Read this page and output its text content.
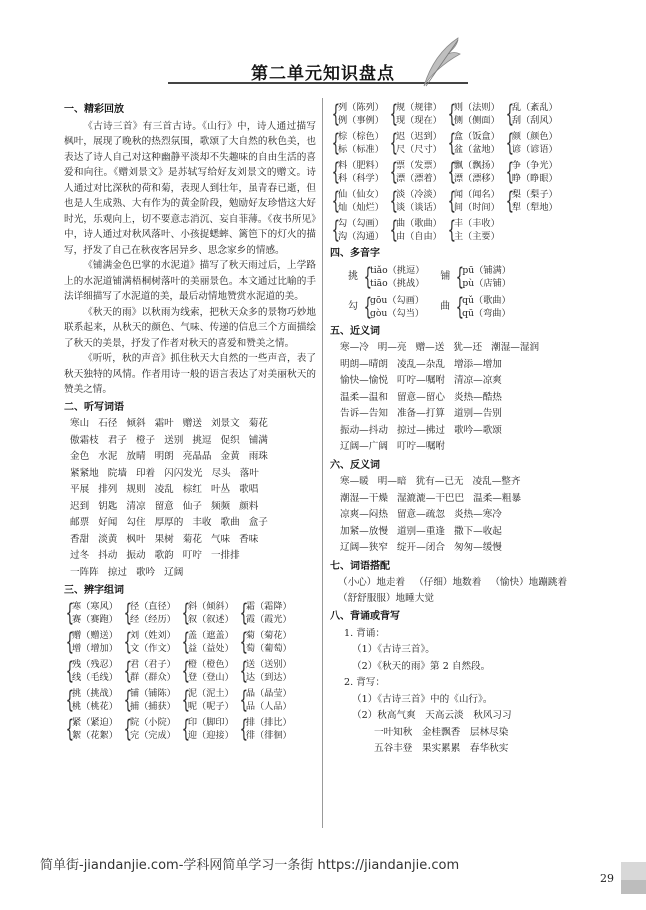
第二单元知识盘点
一、精彩回放

《古诗三首》有三首古诗。《山行》中，诗人通过描写枫叶，展现了晚秋的热烈氛围，歌颂了大自然的秋色美，也表达了诗人自己对这种幽静平淡却不失趣味的自由生活的喜爱和向往。《赠刘景文》是苏轼写给好友刘景文的赠文。诗人通过对比深秋的荷和菊，表现人到壮年，虽青春已逝，但也是人生成熟、大有作为的黄金阶段，勉励好友珍惜这大好时光，乐观向上，切不要意志消沉、妄自菲薄。《夜书所见》中，诗人通过对秋风落叶、小孩捉蟋蟀、篱笆下的灯火的描写，抒发了自己在秋夜客居异乡、思念家乡的情感。

《铺满金色巴掌的水泥道》描写了秋天雨过后，上学路上的水泥道铺满梧桐树落叶的美丽景色。本文通过比喻的手法详细描写了水泥道的美，最后动情地赞赏水泥道的美。

《秋天的雨》以秋雨为线索，把秋天众多的景物巧妙地联系起来，从秋天的颜色、气味、传递的信息三个方面描绘了秋天的美景，抒发了作者对秋天的喜爱和赞美之情。

《听听，秋的声音》抓住秋天大自然的一些声音，表了秋天独特的风情。作者用诗一般的语言表达了对美丽秋天的赞美之情。

二、听写词语
寒山 石径 倾斜 霜叶 赠送 刘景文 菊花
傲霜枝 君子 橙子 送别 挑逗 促织 铺满
金色 水泥 放晴 明朗 亮晶晶 金黄 雨珠
紧紧地 院墙 印着 闪闪发光 尽头 落叶
平展 排列 规则 凌乱 棕红 叶丛 歌唱
迟到 钥匙 清凉 留意 仙子 频频 颜料
邮票 好闻 勾住 厚厚的 丰收 歌曲 盒子
香甜 淡黄 枫叶 果树 菊花 气味 香味
过冬 抖动 振动 歌韵 叮咛 一排排
一阵阵 掠过 歌吟 辽阔
三、辨字组词
{
寒（寒风）
赛（赛跑） {
径（直径）
经（经历） {
斜（倾斜）
叙（叙述） {
霜（霜降）
霞（霞光）
{
赠（赠送）
增（增加） {
刘（姓刘）
文（作文） {
盖（遮盖）
益（益处） {
菊（菊花）
萄（葡萄）
{
残（残忍）
线（毛线） {
君（君子）
群（群众） {
橙（橙色）
登（登山） {
送（送别）
达（到达）
{
挑（挑战）
桃（桃花） {
铺（铺陈）
捕（捕获） {
泥（泥土）
呢（呢子） {
晶（晶莹）
品（人品）
{
紧（紧迫）
絮（花絮） {
院（小院）
完（完成） {
印（脚印）
迎（迎接） {
排（排比）
徘（徘徊）
{
列（陈列）
例（事例） {
规（规律）
现（现在） {
则（法则）
侧（侧面） {
乱（紊乱）
刮（刮风）
{
棕（棕色）
标（标准） {
迟（迟到）
尺（尺寸） {
盒（饭盒）
盆（盆地） {
颜（颜色）
谚（谚语）
{
料（肥料）
科（科学） {
票（发票）
漂（漂着） {
飘（飘扬）
漂（漂移） {
争（争光）
睁（睁眼）
{
仙（仙女）
灿（灿烂） {
淡（冷淡）
谈（谈话） {
闻（闻名）
间（时间） {
梨（梨子）
犁（犁地）
{
勾（勾画）
沟（沟通） {
曲（歌曲）
由（自由） {
丰（丰收）
主（主要）
四、多音字
挑 {
tiǎo（挑逗）
tiāo（挑战）
铺 {
pū（铺满）
pù（店铺）
勾 {
gōu（勾画）
gòu（勾当）
曲 {
qǔ（歌曲）
qū（弯曲）
五、近义词
寒—冷 明—亮 赠—送 犹—还 潮湿—湿润
明朗—晴朗 凌乱—杂乱 增添—增加
愉快—愉悦 叮咛—嘱咐 清凉—凉爽
温柔—温和 留意—留心 炎热—酷热
告诉—告知 准备—打算 道别—告别
振动—抖动 掠过—拂过 歌吟—歌颂
辽阔—广阔 叮咛—嘱咐
六、反义词
寒—暖 明—暗 犹有—已无 凌乱—整齐
潮湿—干燥 湿漉漉—干巴巴 温柔—粗暴
凉爽—闷热 留意—疏忽 炎热—寒冷
加紧—放慢 道别—重逢 撒下—收起
辽阔—狭窄 绽开—闭合 匆匆—缓慢
七、词语搭配
（小心）地走着 （仔细）地数着 （愉快）地蹦跳着
（舒舒服服）地睡大觉
八、背诵或背写
1. 背诵：
（1）《古诗三首》。
（2）《秋天的雨》第 2 自然段。
2. 背写：
（1）《古诗三首》中的《山行》。
（2）秋高气爽　天高云淡　秋风习习
一叶知秋　金桂飘香　层林尽染
五谷丰登　果实累累　春华秋实
简单街-jiandanjie.com-学科网简单学习一条街 https://jiandanjie.com
29
